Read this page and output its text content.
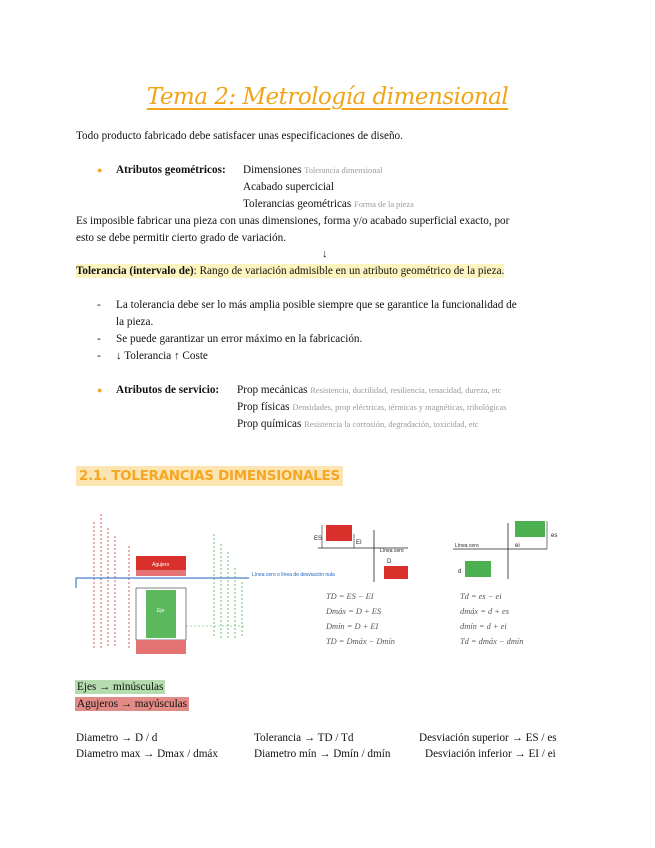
Tema 2: Metrología dimensional
Todo producto fabricado debe satisfacer unas especificaciones de diseño.
● Atributos geométricos: Dimensiones Tolerancia dimensional
Acabado supercicial
Tolerancias geométricas Forma de la pieza
Es imposible fabricar una pieza con unas dimensiones, forma y/o acabado superficial exacto, por
esto se debe permitir cierto grado de variación.
↓
Tolerancia (intervalo de): Rango de variación admisible en un atributo geométrico de la pieza.
- La tolerancia debe ser lo más amplia posible siempre que se garantice la funcionalidad de
la pieza.
- Se puede garantizar un error máximo en la fabricación.
- ↓ Tolerancia ↑ Coste
● Atributos de servicio: Prop mecánicas Resistencia, ductilidad, resiliencia, tenacidad, dureza, etc
Prop físicas Densidades, prop eléctricas, térmicas y magnéticas, tribológicas
Prop químicas Resistencia la corrosión, degradación, toxicidad, etc
2.1. TOLERANCIAS DIMENSIONALES
Agujero
Eje
Línea cero o línea de desviación nula
ES
EI
Línea cero
D
es
ei
Línea cero
d
TD = ES − EI
Dmáx = D + ES
Dmín = D + EI
TD = Dmáx − Dmín
Td = es − ei
dmáx = d + es
dmín = d + ei
Td = dmáx − dmín
Ejes → minúsculas
Agujeros → mayúsculas
Diametro → D / d	Tolerancia → TD / Td	Desviación superior → ES / es
Diametro max → Dmax / dmáx	Diametro mín → Dmín / dmín	Desviación inferior → EI / ei
